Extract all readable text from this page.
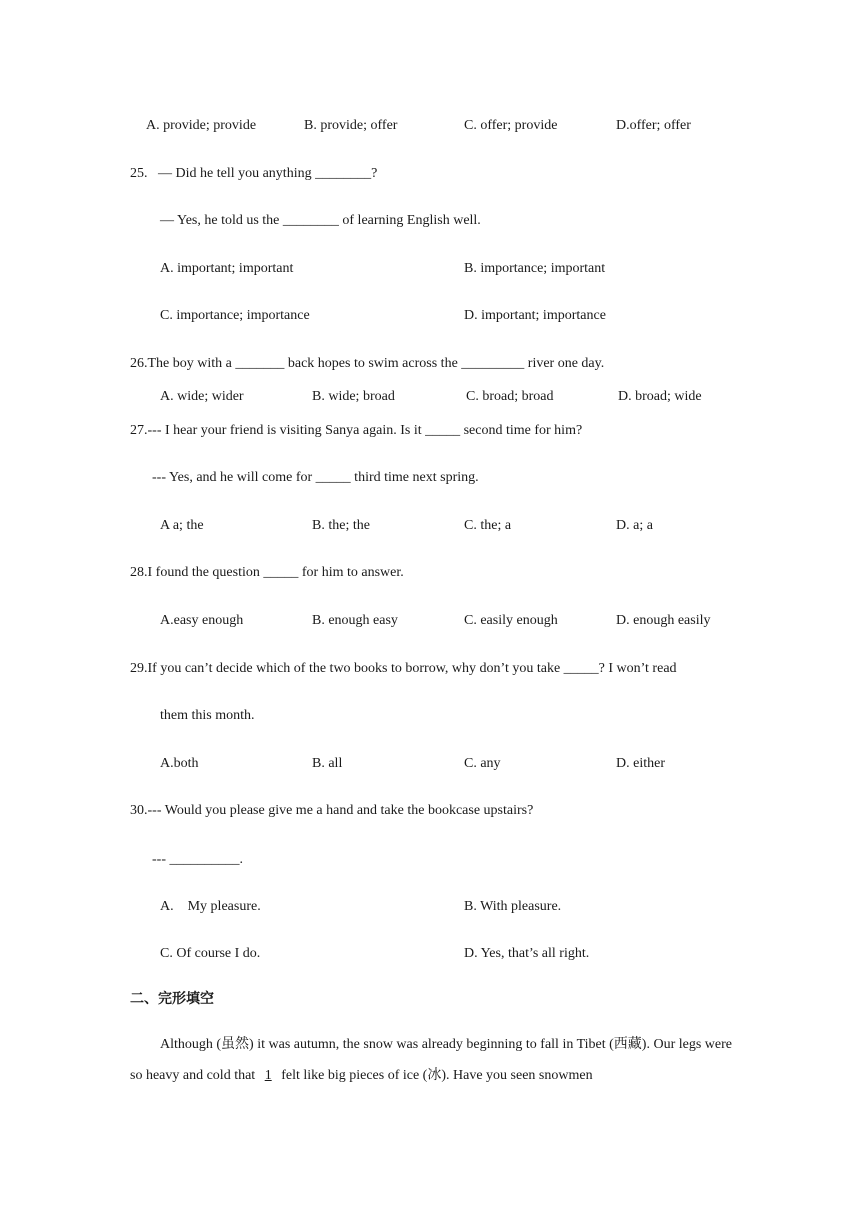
A. provide; provide	B. provide; offer	C. offer; provide	D.offer; offer
25.   — Did he tell you anything ________?
— Yes, he told us the ________ of learning English well.
A. important; important	B. importance; important
C. importance; importance	D. important; importance
26.The boy with a _______ back hopes to swim across the _________ river one day.
A. wide; wider	B. wide; broad	C. broad; broad	D. broad; wide
27.--- I hear your friend is visiting Sanya again. Is it _____ second time for him?
--- Yes, and he will come for _____ third time next spring.
A a; the	B. the; the	C. the; a	D. a; a
28.I found the question _____ for him to answer.
A.easy enough	B. enough easy	C. easily enough	D. enough easily
29.If you can’t decide which of the two books to borrow, why don’t you take _____? I won’t read
them this month.
A.both	B. all	C. any	D. either
30.--- Would you please give me a hand and take the bookcase upstairs?
--- __________.
A.    My pleasure.	B. With pleasure.
C. Of course I do.	D. Yes, that’s all right.
二、完形填空
Although (虽然) it was autumn, the snow was already beginning to fall in Tibet (西藏). Our legs were so heavy and cold that 1 felt like big pieces of ice (冰). Have you seen snowmen
